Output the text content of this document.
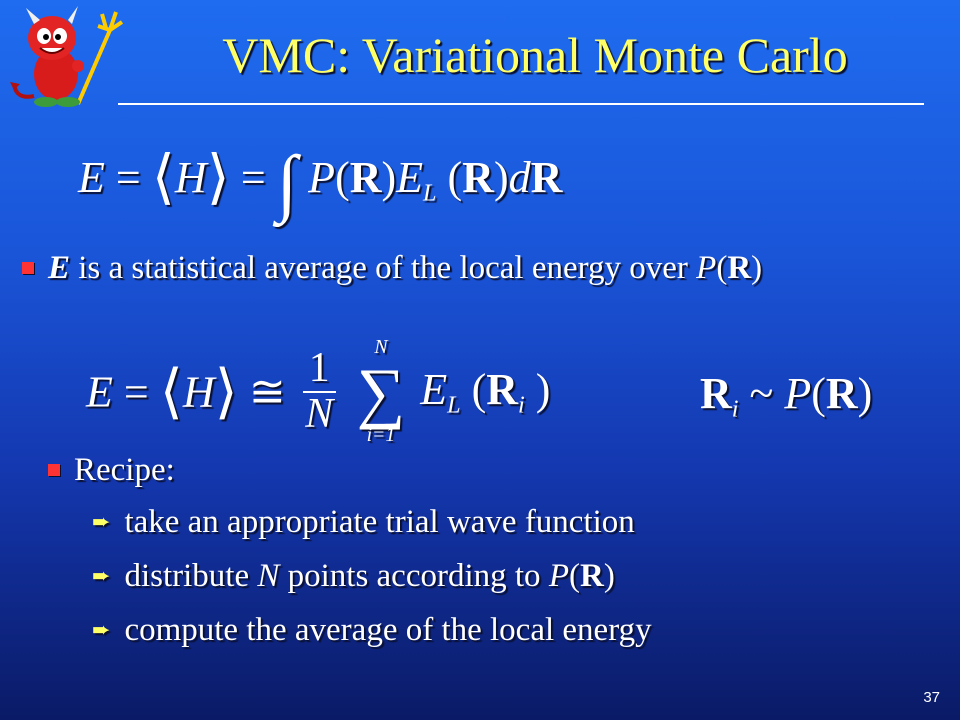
VMC: Variational Monte Carlo
E = ⟨H⟩ = ∫ $P(R)E_L$ (R)dR
E is a statistical average of the local energy over P(R)
E = ⟨H⟩ ≅ $\frac{1}{N}$

N
∑
i=1
$E_L$ ($R_i$ )	$R_i$ ~ P(R)
Recipe:
➨ take an appropriate trial wave function
➨ distribute N points according to P(R)
➨ compute the average of the local energy
37
